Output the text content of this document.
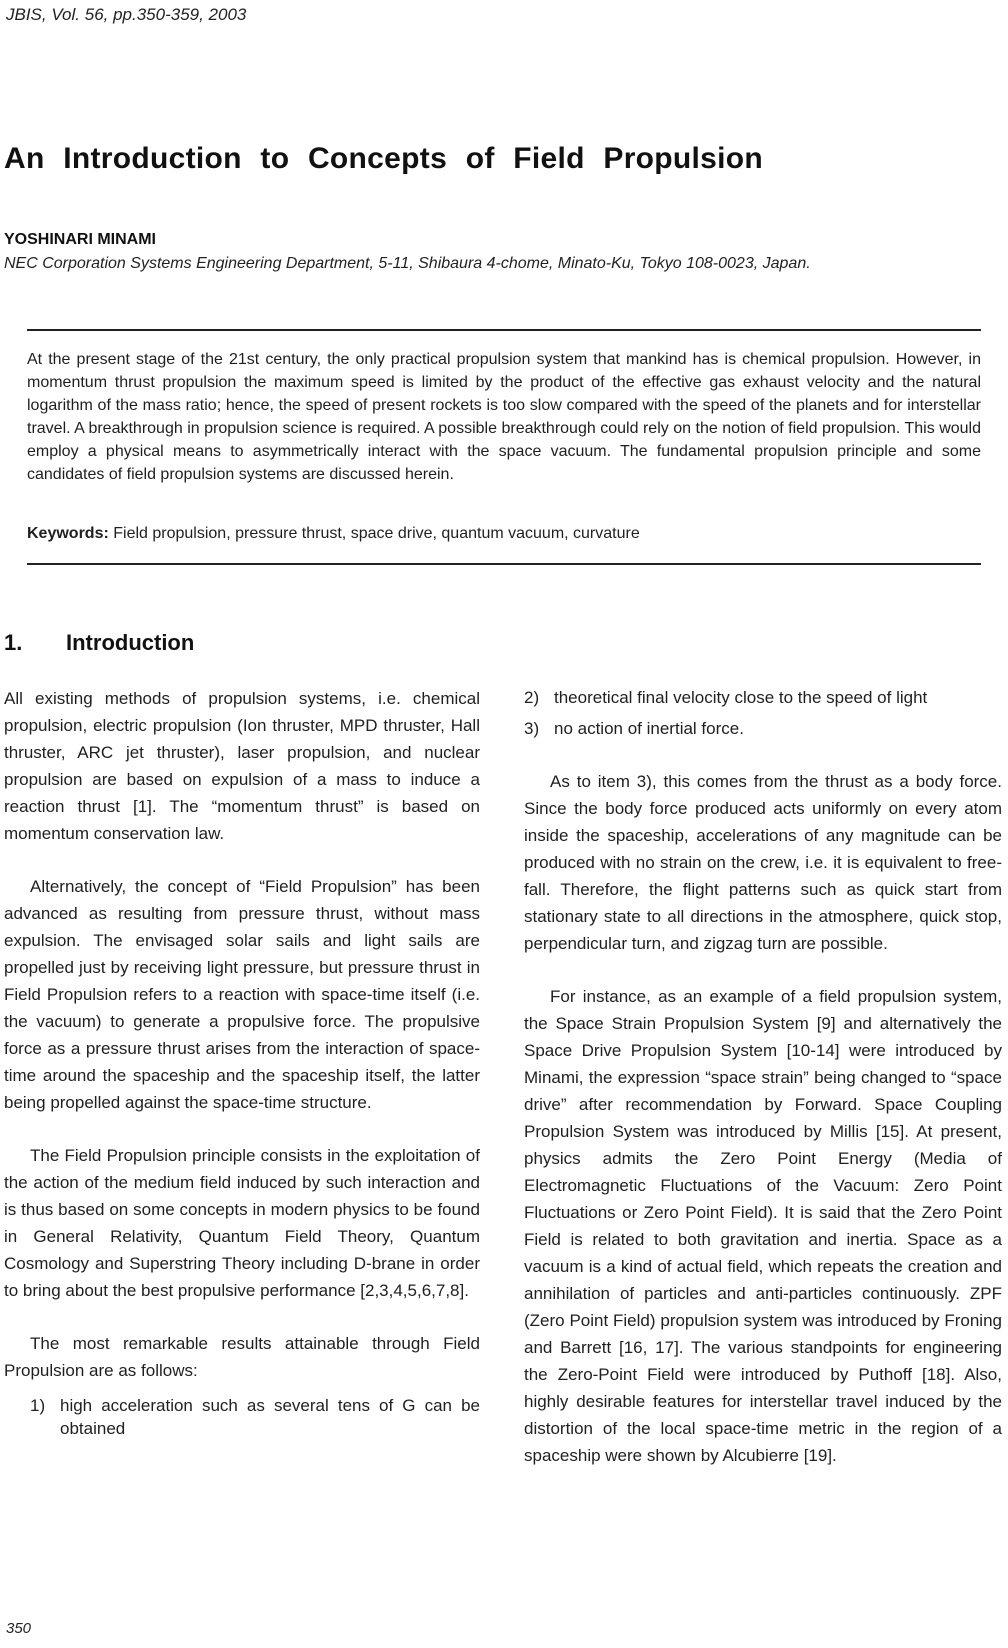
JBIS, Vol. 56, pp.350-359, 2003
An Introduction to Concepts of Field Propulsion
YOSHINARI MINAMI
NEC Corporation Systems Engineering Department, 5-11, Shibaura 4-chome, Minato-Ku, Tokyo 108-0023, Japan.

At the present stage of the 21st century, the only practical propulsion system that mankind has is chemical propulsion. However, in momentum thrust propulsion the maximum speed is limited by the product of the effective gas exhaust velocity and the natural logarithm of the mass ratio; hence, the speed of present rockets is too slow compared with the speed of the planets and for interstellar travel. A breakthrough in propulsion science is required. A possible breakthrough could rely on the notion of field propulsion. This would employ a physical means to asymmetrically interact with the space vacuum. The fundamental propulsion principle and some candidates of field propulsion systems are discussed herein.

Keywords: Field propulsion, pressure thrust, space drive, quantum vacuum, curvature
1. Introduction

All existing methods of propulsion systems, i.e. chemical propulsion, electric propulsion (Ion thruster, MPD thruster, Hall thruster, ARC jet thruster), laser propulsion, and nuclear propulsion are based on expulsion of a mass to induce a reaction thrust [1]. The “momentum thrust” is based on momentum conservation law.

Alternatively, the concept of “Field Propulsion” has been advanced as resulting from pressure thrust, without mass expulsion. The envisaged solar sails and light sails are propelled just by receiving light pressure, but pressure thrust in Field Propulsion refers to a reaction with space-time itself (i.e. the vacuum) to generate a propulsive force. The propulsive force as a pressure thrust arises from the interaction of space-time around the spaceship and the spaceship itself, the latter being propelled against the space-time structure.

The Field Propulsion principle consists in the exploitation of the action of the medium field induced by such interaction and is thus based on some concepts in modern physics to be found in General Relativity, Quantum Field Theory, Quantum Cosmology and Superstring Theory including D-brane in order to bring about the best propulsive performance [2,3,4,5,6,7,8].

The most remarkable results attainable through Field Propulsion are as follows:

1) high acceleration such as several tens of G can be obtained
2) theoretical final velocity close to the speed of light
3) no action of inertial force.

As to item 3), this comes from the thrust as a body force. Since the body force produced acts uniformly on every atom inside the spaceship, accelerations of any magnitude can be produced with no strain on the crew, i.e. it is equivalent to free-fall. Therefore, the flight patterns such as quick start from stationary state to all directions in the atmosphere, quick stop, perpendicular turn, and zigzag turn are possible.

For instance, as an example of a field propulsion system, the Space Strain Propulsion System [9] and alternatively the Space Drive Propulsion System [10-14] were introduced by Minami, the expression “space strain” being changed to “space drive” after recommendation by Forward. Space Coupling Propulsion System was introduced by Millis [15]. At present, physics admits the Zero Point Energy (Media of Electromagnetic Fluctuations of the Vacuum: Zero Point Fluctuations or Zero Point Field). It is said that the Zero Point Field is related to both gravitation and inertia. Space as a vacuum is a kind of actual field, which repeats the creation and annihilation of particles and anti-particles continuously. ZPF (Zero Point Field) propulsion system was introduced by Froning and Barrett [16, 17]. The various standpoints for engineering the Zero-Point Field were introduced by Puthoff [18]. Also, highly desirable features for interstellar travel induced by the distortion of the local space-time metric in the region of a spaceship were shown by Alcubierre [19].

350
